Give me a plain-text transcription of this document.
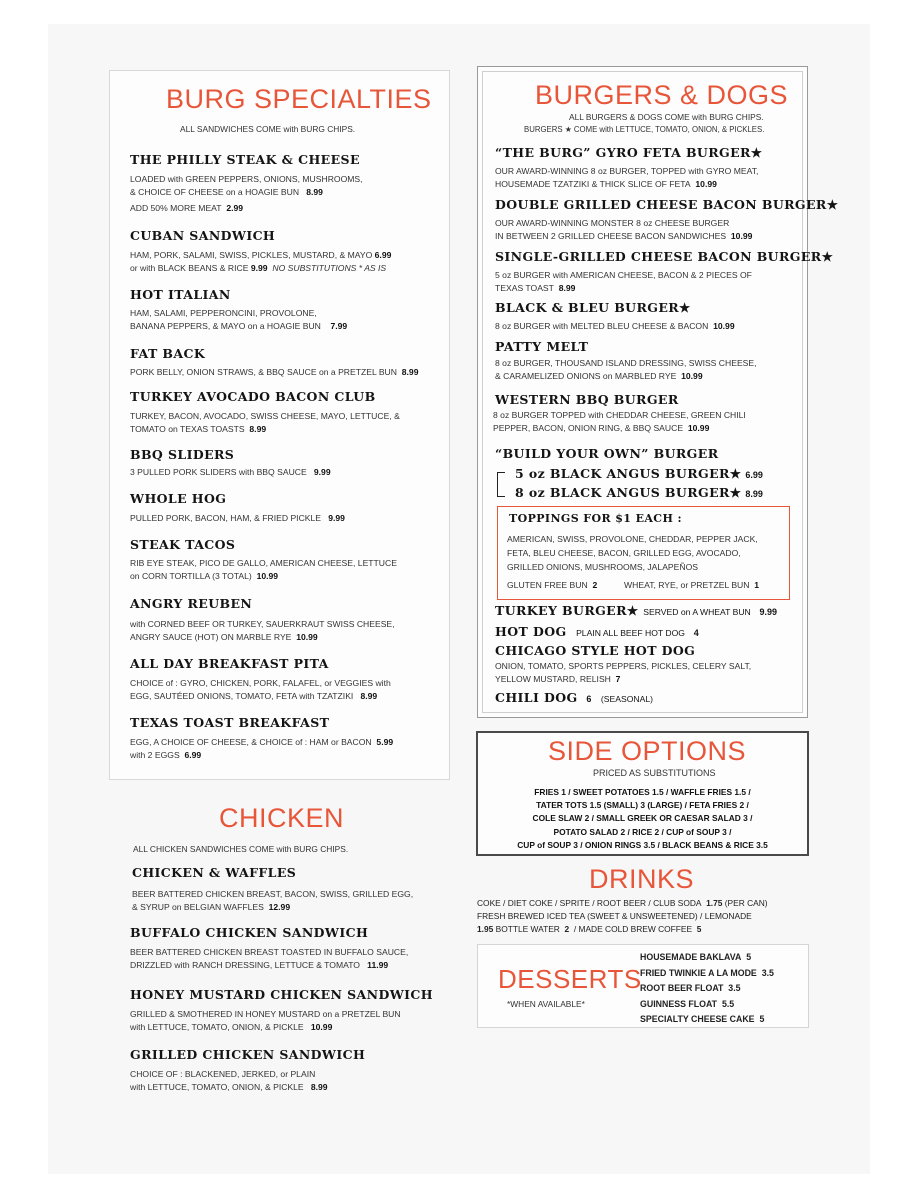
BURG SPECIALTIES
ALL SANDWICHES COME with BURG CHIPS.
THE PHILLY STEAK & CHEESE
LOADED with GREEN PEPPERS, ONIONS, MUSHROOMS,
& CHOICE OF CHEESE on a HOAGIE BUN 8.99
ADD 50% MORE MEAT 2.99
CUBAN SANDWICH
HAM, PORK, SALAMI, SWISS, PICKLES, MUSTARD, & MAYO 6.99
or with BLACK BEANS & RICE 9.99 NO SUBSTITUTIONS * AS IS
HOT ITALIAN
HAM, SALAMI, PEPPERONCINI, PROVOLONE,
BANANA PEPPERS, & MAYO on a HOAGIE BUN 7.99
FAT BACK
PORK BELLY, ONION STRAWS, & BBQ SAUCE on a PRETZEL BUN 8.99
TURKEY AVOCADO BACON CLUB
TURKEY, BACON, AVOCADO, SWISS CHEESE, MAYO, LETTUCE, &
TOMATO on TEXAS TOASTS 8.99
BBQ SLIDERS
3 PULLED PORK SLIDERS with BBQ SAUCE 9.99
WHOLE HOG
PULLED PORK, BACON, HAM, & FRIED PICKLE 9.99
STEAK TACOS
RIB EYE STEAK, PICO DE GALLO, AMERICAN CHEESE, LETTUCE
on CORN TORTILLA (3 TOTAL) 10.99
ANGRY REUBEN
with CORNED BEEF OR TURKEY, SAUERKRAUT SWISS CHEESE,
ANGRY SAUCE (HOT) ON MARBLE RYE 10.99
ALL DAY BREAKFAST PITA
CHOICE of : GYRO, CHICKEN, PORK, FALAFEL, or VEGGIES with
EGG, SAUTÉED ONIONS, TOMATO, FETA with TZATZIKI 8.99
TEXAS TOAST BREAKFAST
EGG, A CHOICE OF CHEESE, & CHOICE of : HAM or BACON 5.99
with 2 EGGS 6.99
CHICKEN
ALL CHICKEN SANDWICHES COME with BURG CHIPS.
CHICKEN & WAFFLES
BEER BATTERED CHICKEN BREAST, BACON, SWISS, GRILLED EGG,
& SYRUP on BELGIAN WAFFLES 12.99
BUFFALO CHICKEN SANDWICH
BEER BATTERED CHICKEN BREAST TOASTED IN BUFFALO SAUCE,
DRIZZLED with RANCH DRESSING, LETTUCE & TOMATO 11.99
HONEY MUSTARD CHICKEN SANDWICH
GRILLED & SMOTHERED IN HONEY MUSTARD on a PRETZEL BUN
with LETTUCE, TOMATO, ONION, & PICKLE 10.99
GRILLED CHICKEN SANDWICH
CHOICE OF : BLACKENED, JERKED, or PLAIN
with LETTUCE, TOMATO, ONION, & PICKLE 8.99
BURGERS & DOGS
ALL BURGERS & DOGS COME with BURG CHIPS.
BURGERS ★ COME with LETTUCE, TOMATO, ONION, & PICKLES.
“THE BURG” GYRO FETA BURGER★
OUR AWARD-WINNING 8 oz BURGER, TOPPED with GYRO MEAT,
HOUSEMADE TZATZIKI & THICK SLICE OF FETA 10.99
DOUBLE GRILLED CHEESE BACON BURGER★
OUR AWARD-WINNING MONSTER 8 oz CHEESE BURGER
IN BETWEEN 2 GRILLED CHEESE BACON SANDWICHES 10.99
SINGLE-GRILLED CHEESE BACON BURGER★
5 oz BURGER with AMERICAN CHEESE, BACON & 2 PIECES OF
TEXAS TOAST 8.99
BLACK & BLEU BURGER★
8 oz BURGER with MELTED BLEU CHEESE & BACON 10.99
PATTY MELT
8 oz BURGER, THOUSAND ISLAND DRESSING, SWISS CHEESE,
& CARAMELIZED ONIONS on MARBLED RYE 10.99
WESTERN BBQ BURGER
8 oz BURGER TOPPED with CHEDDAR CHEESE, GREEN CHILI
PEPPER, BACON, ONION RING, & BBQ SAUCE 10.99
“BUILD YOUR OWN” BURGER
5 oz BLACK ANGUS BURGER★ 6.99
8 oz BLACK ANGUS BURGER★ 8.99
TOPPINGS FOR $1 EACH :
AMERICAN, SWISS, PROVOLONE, CHEDDAR, PEPPER JACK,
FETA, BLEU CHEESE, BACON, GRILLED EGG, AVOCADO,
GRILLED ONIONS, MUSHROOMS, JALAPEÑOS
GLUTEN FREE BUN 2	WHEAT, RYE, or PRETZEL BUN 1
TURKEY BURGER★ SERVED on A WHEAT BUN 9.99
HOT DOG PLAIN ALL BEEF HOT DOG 4
CHICAGO STYLE HOT DOG
ONION, TOMATO, SPORTS PEPPERS, PICKLES, CELERY SALT,
YELLOW MUSTARD, RELISH 7
CHILI DOG 6 (SEASONAL)
SIDE OPTIONS
PRICED AS SUBSTITUTIONS
FRIES 1 / SWEET POTATOES 1.5 / WAFFLE FRIES 1.5 /
TATER TOTS 1.5 (SMALL) 3 (LARGE) / FETA FRIES 2 /
COLE SLAW 2 / SMALL GREEK OR CAESAR SALAD 3 /
POTATO SALAD 2 / RICE 2 / CUP of SOUP 3 /
CUP of SOUP 3 / ONION RINGS 3.5 / BLACK BEANS & RICE 3.5
DRINKS
COKE / DIET COKE / SPRITE / ROOT BEER / CLUB SODA 1.75 (PER CAN)
FRESH BREWED ICED TEA (SWEET & UNSWEETENED) / LEMONADE
1.95 BOTTLE WATER 2 / MADE COLD BREW COFFEE 5
DESSERTS
*WHEN AVAILABLE*
HOUSEMADE BAKLAVA 5
FRIED TWINKIE A LA MODE 3.5
ROOT BEER FLOAT 3.5
GUINNESS FLOAT 5.5
SPECIALTY CHEESE CAKE 5
